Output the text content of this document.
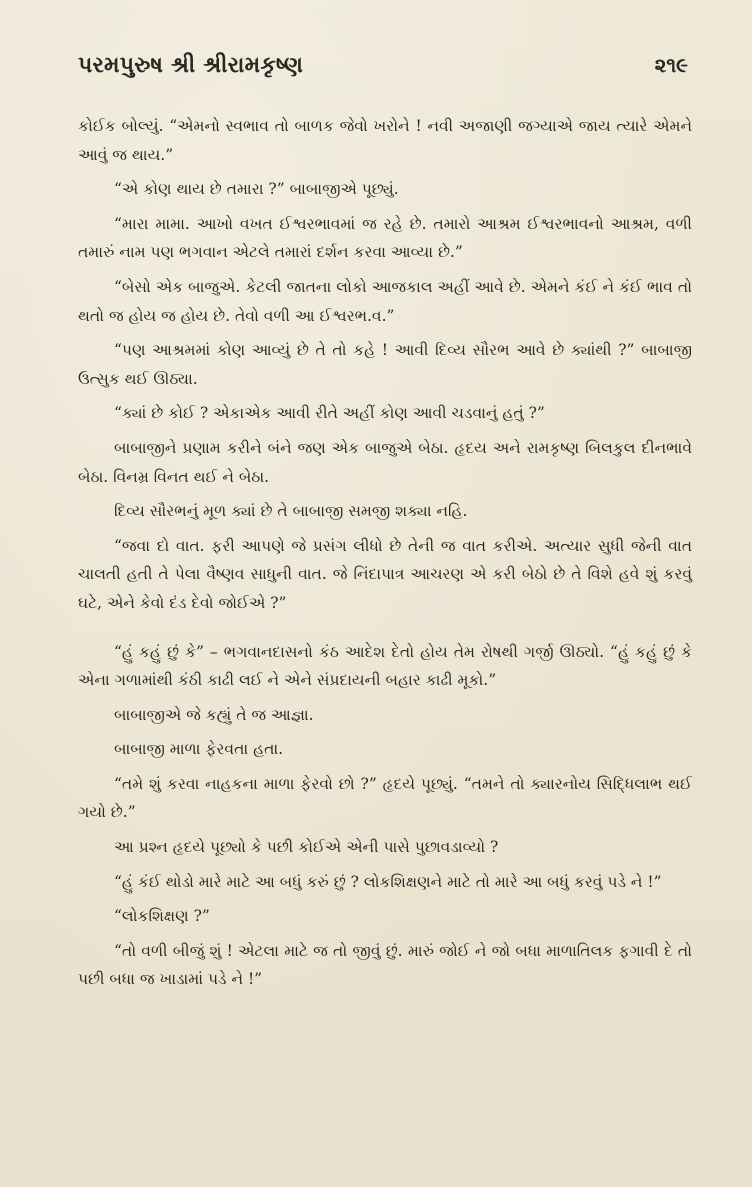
પરમપુરુષ શ્રી શ્રીરામકૃષ્ણ	૨૧૯

કોઈક બોલ્યું. “એમનો સ્વભાવ તો બાળક જેવો ખરોને ! નવી અજાણી જગ્યાએ જાય ત્યારે એમને આવું જ થાય.”

“એ કોણ થાય છે તમારા ?” બાબાજીએ પૂછ્યું.

“મારા મામા. આખો વખત ઈશ્વરભાવમાં જ રહે છે. તમારો આશ્રમ ઈશ્વરભાવનો આશ્રમ, વળી તમારું નામ પણ ભગવાન એટલે તમારાં દર્શન કરવા આવ્યા છે.”

“બેસો એક બાજુએ. કેટલી જાતના લોકો આજકાલ અહીં આવે છે. એમને કંઈ ને કંઈ ભાવ તો થતો જ હોય જ હોય છે. તેવો વળી આ ઈશ્વરભ.વ.”

“પણ આશ્રમમાં કોણ આવ્યું છે તે તો કહે ! આવી દિવ્ય સૌરભ આવે છે ક્યાંથી ?” બાબાજી ઉત્સુક થઈ ઊઠ્યા.

“ક્યાં છે કોઈ ? એકાએક આવી રીતે અહીં કોણ આવી ચડવાનું હતું ?”

બાબાજીને પ્રણામ કરીને બંને જણ એક બાજુએ બેઠા. હૃદય અને રામકૃષ્ણ બિલકુલ દીનભાવે બેઠા. વિનમ્ર વિનત થઈ ને બેઠા.

દિવ્ય સૌરભનું મૂળ ક્યાં છે તે બાબાજી સમજી શક્યા નહિ.

“જવા દો વાત. ફરી આપણે જે પ્રસંગ લીધો છે તેની જ વાત કરીએ. અત્યાર સુધી જેની વાત ચાલતી હતી તે પેલા વૈષ્ણવ સાધુની વાત. જે નિંદાપાત્ર આચરણ એ કરી બેઠો છે તે વિશે હવે શું કરવું ઘટે, એને કેવો દંડ દેવો જોઈએ ?”

“હું કહું છું કે” – ભગવાનદાસનો કંઠ આદેશ દેતો હોય તેમ રોષથી ગર્જી ઊઠ્યો. “હું કહું છું કે એના ગળામાંથી કંઠી કાઢી લઈ ને એને સંપ્રદાયની બહાર કાઢી મૂકો.”

બાબાજીએ જે કહ્યું તે જ આજ્ઞા.

બાબાજી માળા ફેરવતા હતા.

“તમે શું કરવા નાહકના માળા ફેરવો છો ?” હૃદયે પૂછ્યું. “તમને તો ક્યારનોય સિદ્ધિલાભ થઈ ગયો છે.”

આ પ્રશ્ન હૃદયે પૂછ્યો કે પછી કોઈએ એની પાસે પુછાવડાવ્યો ?

“હું કંઈ થોડો મારે માટે આ બધું કરું છું ? લોકશિક્ષણને માટે તો મારે આ બધું કરવું પડે ને !”

“લોકશિક્ષણ ?”

“તો વળી બીજું શું ! એટલા માટે જ તો જીવું છું. મારું જોઈ ને જો બધા માળાતિલક ફગાવી દે તો પછી બધા જ ખાડામાં પડે ને !”
